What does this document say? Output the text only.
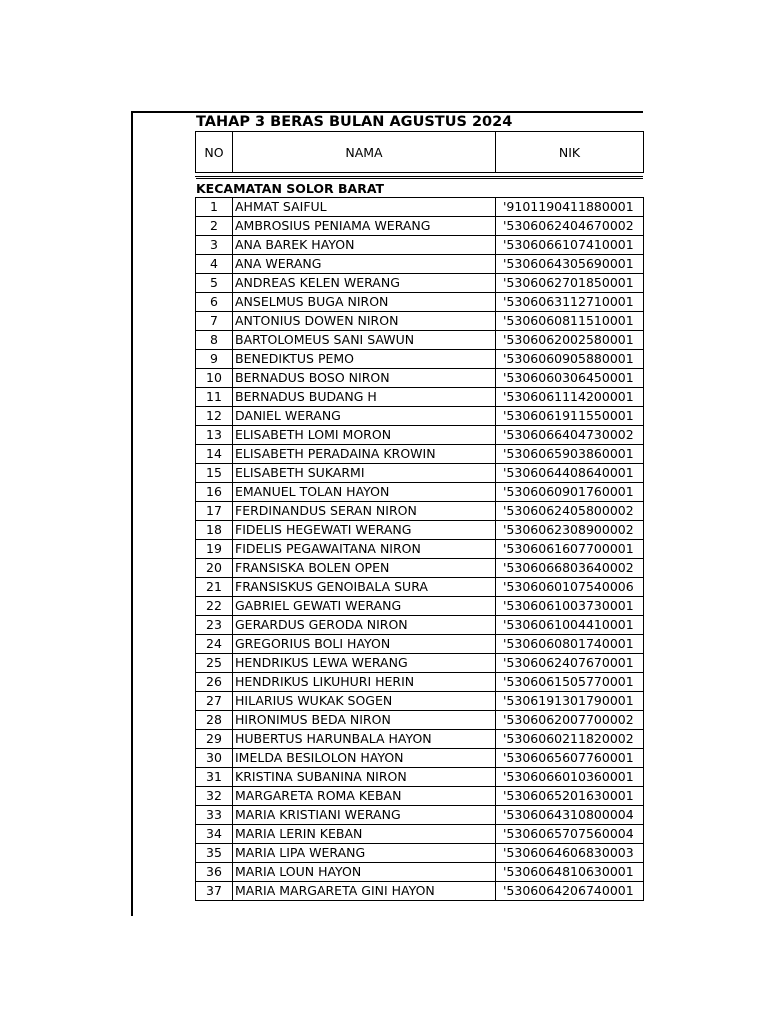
TAHAP 3 BERAS BULAN AGUSTUS 2024
NO	NAMA	NIK
KECAMATAN SOLOR BARAT
1	AHMAT SAIFUL	'9101190411880001
2	AMBROSIUS PENIAMA WERANG	'5306062404670002
3	ANA BAREK HAYON	'5306066107410001
4	ANA WERANG	'5306064305690001
5	ANDREAS KELEN WERANG	'5306062701850001
6	ANSELMUS BUGA NIRON	'5306063112710001
7	ANTONIUS DOWEN NIRON	'5306060811510001
8	BARTOLOMEUS SANI SAWUN	'5306062002580001
9	BENEDIKTUS PEMO	'5306060905880001
10	BERNADUS BOSO NIRON	'5306060306450001
11	BERNADUS BUDANG H	'5306061114200001
12	DANIEL WERANG	'5306061911550001
13	ELISABETH LOMI MORON	'5306066404730002
14	ELISABETH PERADAINA KROWIN	'5306065903860001
15	ELISABETH SUKARMI	'5306064408640001
16	EMANUEL TOLAN HAYON	'5306060901760001
17	FERDINANDUS SERAN NIRON	'5306062405800002
18	FIDELIS HEGEWATI WERANG	'5306062308900002
19	FIDELIS PEGAWAITANA NIRON	'5306061607700001
20	FRANSISKA BOLEN OPEN	'5306066803640002
21	FRANSISKUS GENOIBALA SURA	'5306060107540006
22	GABRIEL GEWATI WERANG	'5306061003730001
23	GERARDUS GERODA NIRON	'5306061004410001
24	GREGORIUS BOLI HAYON	'5306060801740001
25	HENDRIKUS LEWA WERANG	'5306062407670001
26	HENDRIKUS LIKUHURI HERIN	'5306061505770001
27	HILARIUS WUKAK SOGEN	'5306191301790001
28	HIRONIMUS BEDA NIRON	'5306062007700002
29	HUBERTUS HARUNBALA HAYON	'5306060211820002
30	IMELDA BESILOLON HAYON	'5306065607760001
31	KRISTINA SUBANINA NIRON	'5306066010360001
32	MARGARETA ROMA KEBAN	'5306065201630001
33	MARIA KRISTIANI WERANG	'5306064310800004
34	MARIA LERIN KEBAN	'5306065707560004
35	MARIA LIPA WERANG	'5306064606830003
36	MARIA LOUN HAYON	'5306064810630001
37	MARIA MARGARETA GINI HAYON	'5306064206740001
